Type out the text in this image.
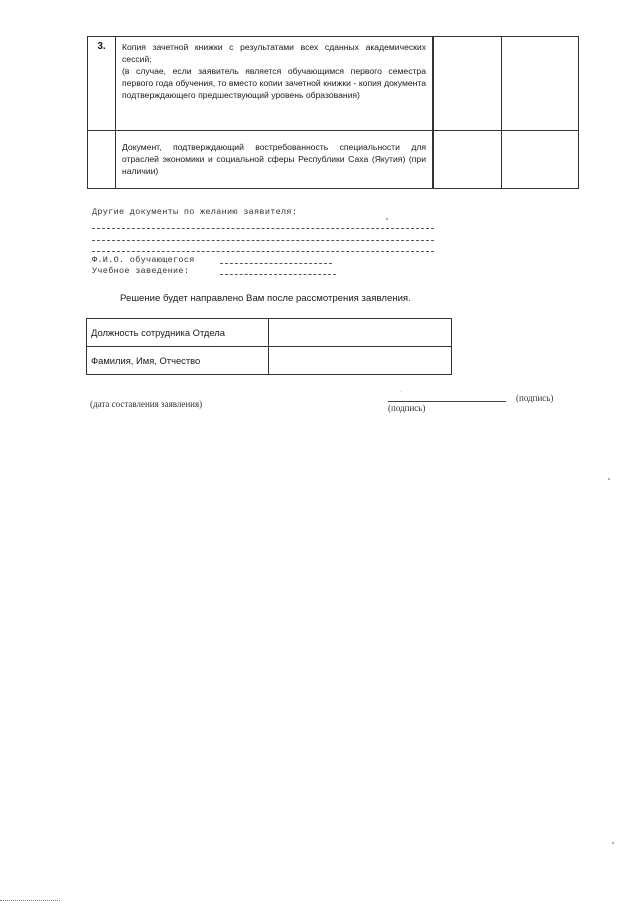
3.	Копия зачетной книжки с результатами всех сданных академических сессий;

(в случае, если заявитель является обучающимся первого семестра первого года обучения, то вместо копии зачетной книжки - копия документа подтверждающего предшествующий уровень образования)

	Документ, подтверждающий востребованность специальности для отраслей экономики и социальной сферы Республики Саха (Якутия) (при наличии)

Другие документы по желанию заявителя:
Ф.И.О. обучающегося
Учебное заведение:
Решение будет направлено Вам после рассмотрения заявления.
Должность сотрудника Отдела	
Фамилия, Имя, Отчество	
(дата составления заявления)
·
(подпись)
(подпись)
